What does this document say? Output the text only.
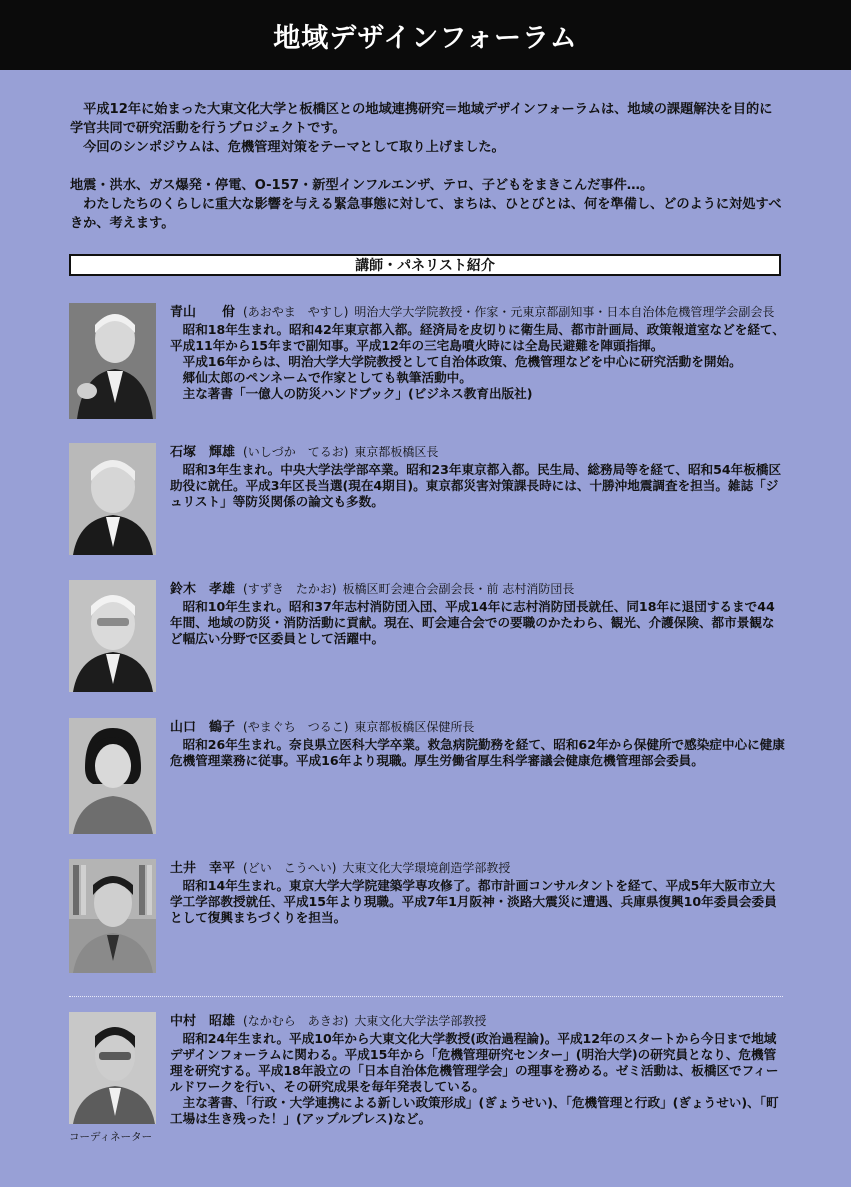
地域デザインフォーラム

　平成12年に始まった大東文化大学と板橋区との地域連携研究＝地域デザインフォーラムは、地域の課題解決を目的に学官共同で研究活動を行うプロジェクトです。

　今回のシンポジウムは、危機管理対策をテーマとして取り上げました。

地震・洪水、ガス爆発・停電、O-157・新型インフルエンザ、テロ、子どもをまきこんだ事件…。

　わたしたちのくらしに重大な影響を与える緊急事態に対して、まちは、ひとびとは、何を準備し、どのように対処すべきか、考えます。

講師・パネリスト紹介
青山　　佾 (あおやま　やすし) 明治大学大学院教授・作家・元東京都副知事・日本自治体危機管理学会副会長

昭和18年生まれ。昭和42年東京都入都。経済局を皮切りに衛生局、都市計画局、政策報道室などを経て、平成11年から15年まで副知事。平成12年の三宅島噴火時には全島民避難を陣頭指揮。

平成16年からは、明治大学大学院教授として自治体政策、危機管理などを中心に研究活動を開始。

郷仙太郎のペンネームで作家としても執筆活動中。

主な著書「一億人の防災ハンドブック」(ビジネス教育出版社)

石塚　輝雄 (いしづか　てるお) 東京都板橋区長

昭和3年生まれ。中央大学法学部卒業。昭和23年東京都入都。民生局、総務局等を経て、昭和54年板橋区助役に就任。平成3年区長当選(現在4期目)。東京都災害対策課長時には、十勝沖地震調査を担当。雑誌「ジュリスト」等防災関係の論文も多数。

鈴木　孝雄 (すずき　たかお) 板橋区町会連合会副会長・前 志村消防団長

昭和10年生まれ。昭和37年志村消防団入団、平成14年に志村消防団長就任、同18年に退団するまで44年間、地域の防災・消防活動に貢献。現在、町会連合会での要職のかたわら、観光、介護保険、都市景観など幅広い分野で区委員として活躍中。

山口　鶴子 (やまぐち　つるこ) 東京都板橋区保健所長

昭和26年生まれ。奈良県立医科大学卒業。救急病院勤務を経て、昭和62年から保健所で感染症中心に健康危機管理業務に従事。平成16年より現職。厚生労働省厚生科学審議会健康危機管理部会委員。

土井　幸平 (どい　こうへい) 大東文化大学環境創造学部教授

昭和14年生まれ。東京大学大学院建築学専攻修了。都市計画コンサルタントを経て、平成5年大阪市立大学工学部教授就任、平成15年より現職。平成7年1月阪神・淡路大震災に遭遇、兵庫県復興10年委員会委員として復興まちづくりを担当。

中村　昭雄 (なかむら　あきお) 大東文化大学法学部教授

昭和24年生まれ。平成10年から大東文化大学教授(政治過程論)。平成12年のスタートから今日まで地域デザインフォーラムに関わる。平成15年から「危機管理研究センター」(明治大学)の研究員となり、危機管理を研究する。平成18年設立の「日本自治体危機管理学会」の理事を務める。ゼミ活動は、板橋区でフィールドワークを行い、その研究成果を毎年発表している。

主な著書、「行政・大学連携による新しい政策形成」(ぎょうせい)、「危機管理と行政」(ぎょうせい)、「町工場は生き残った！」(アップルプレス)など。

コーディネーター
